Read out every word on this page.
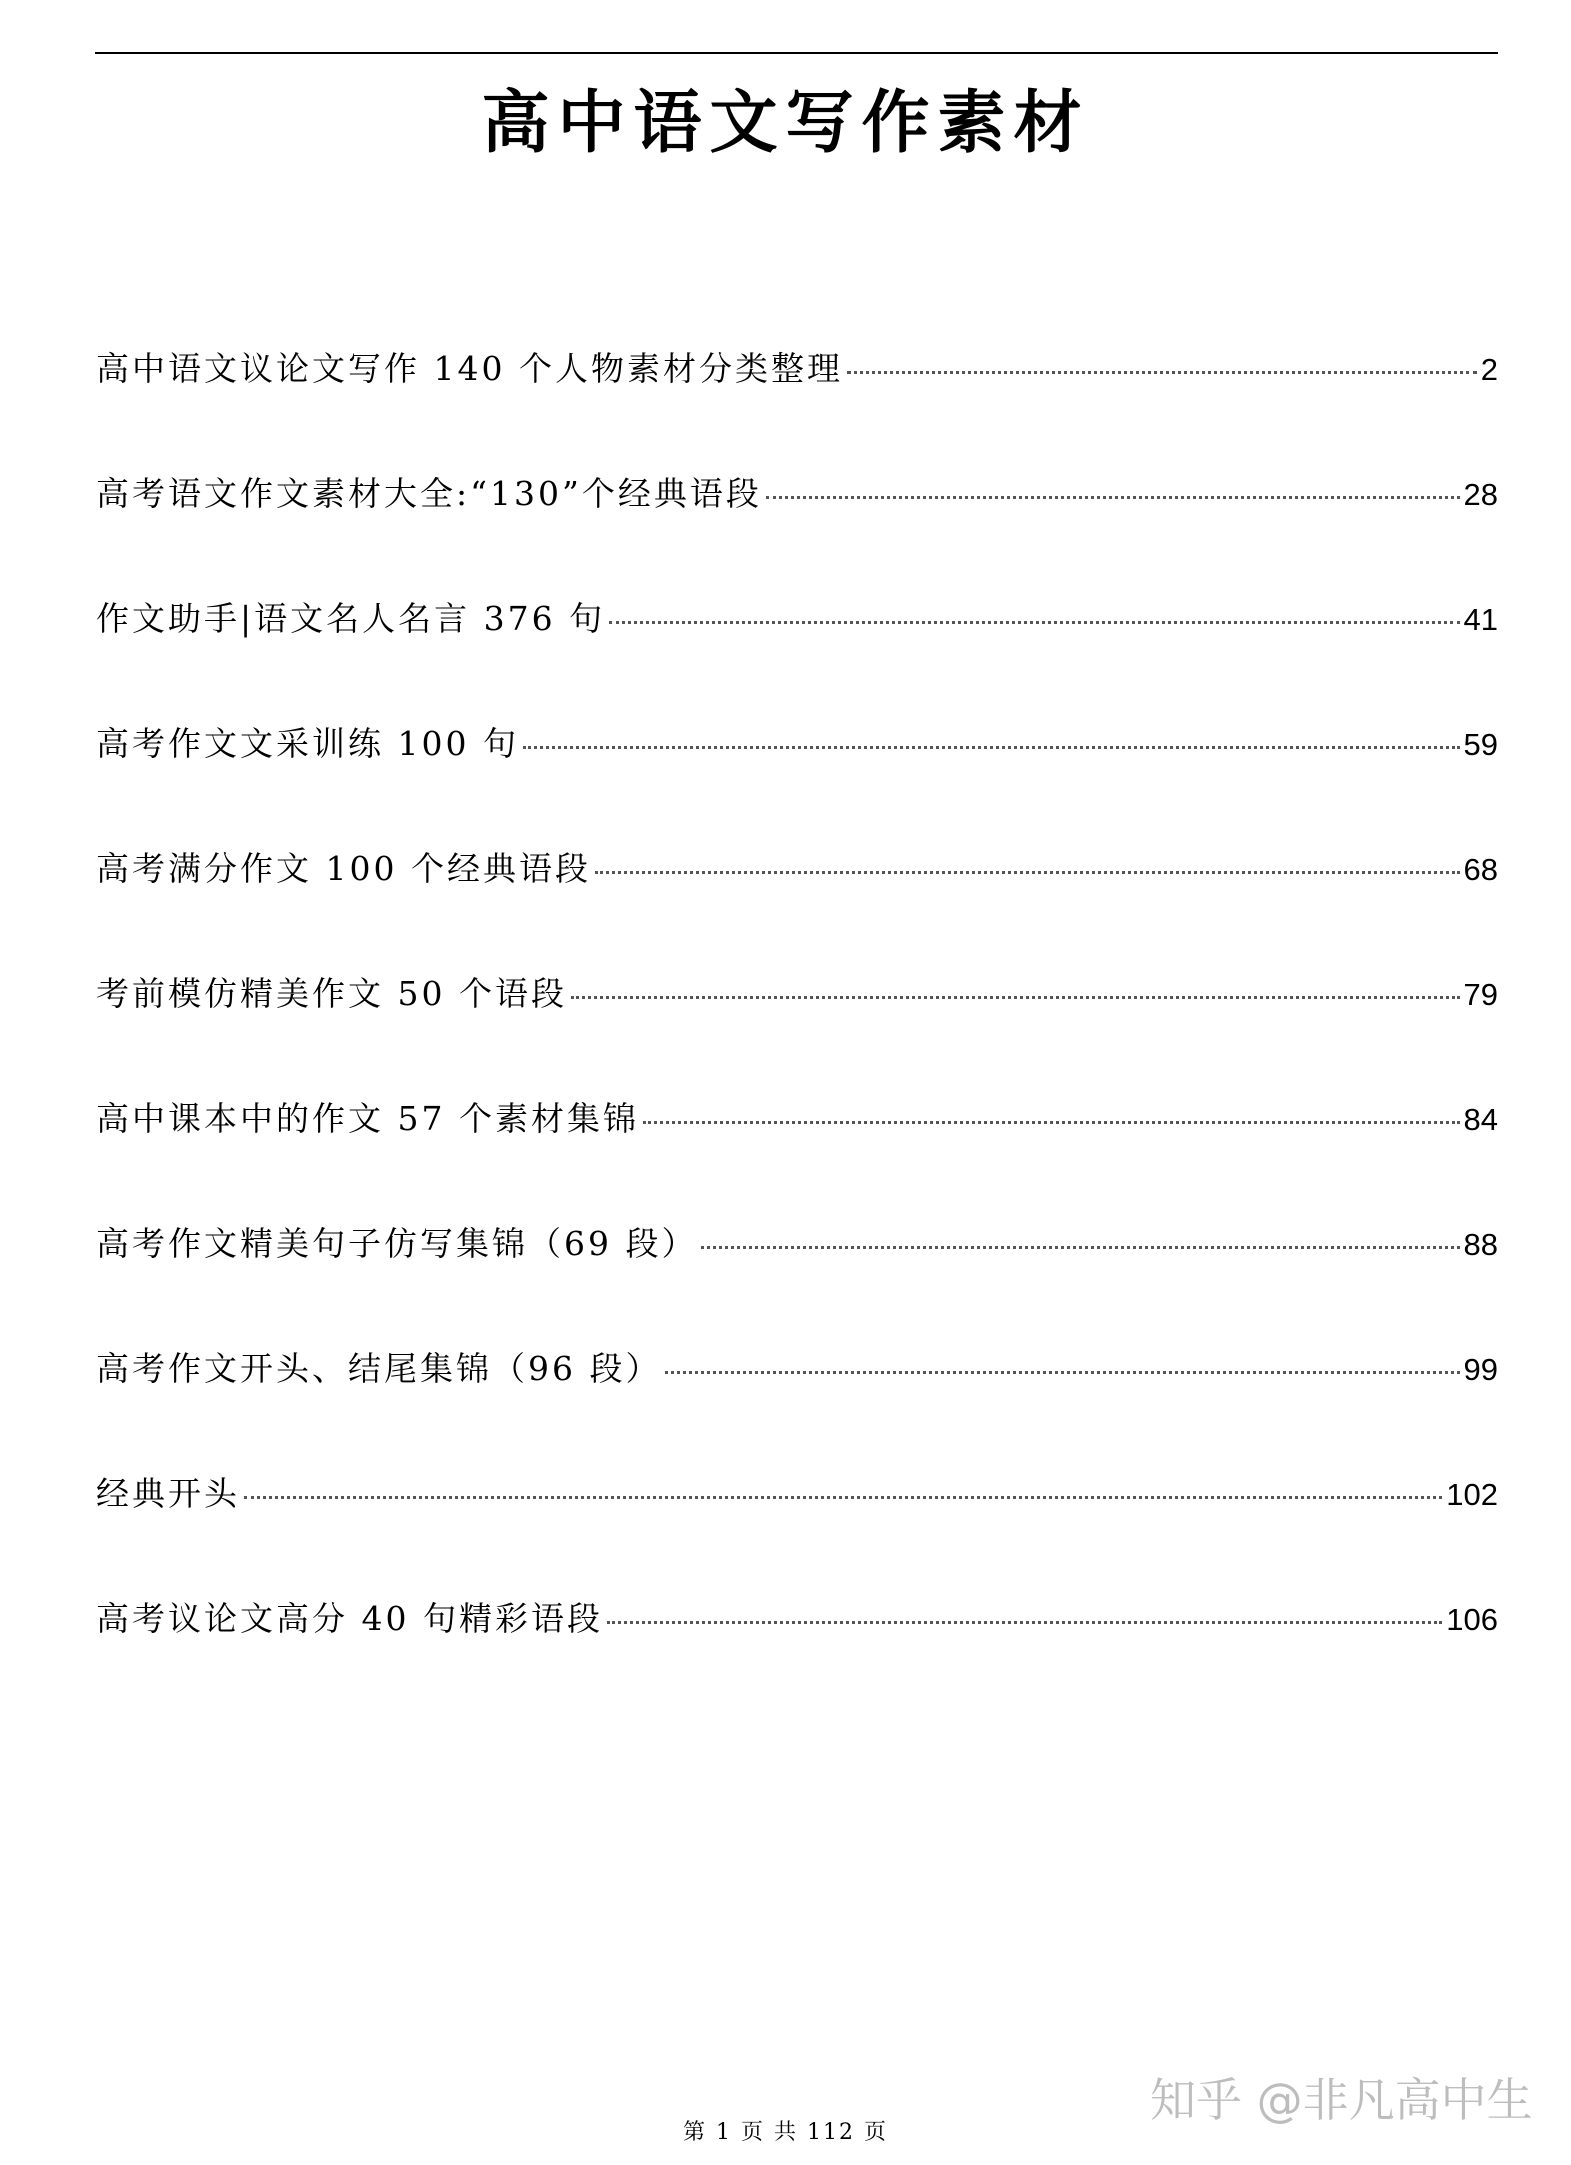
高中语文写作素材
高中语文议论文写作 140 个人物素材分类整理	2
高考语文作文素材大全:“130”个经典语段	28
作文助手|语文名人名言 376 句	41
高考作文文采训练 100 句	59
高考满分作文 100 个经典语段	68
考前模仿精美作文 50 个语段	79
高中课本中的作文 57 个素材集锦	84
高考作文精美句子仿写集锦（69 段）	88
高考作文开头、结尾集锦（96 段）	99
经典开头	102
高考议论文高分 40 句精彩语段	106
第 1 页 共 112 页
知乎 @非凡高中生
